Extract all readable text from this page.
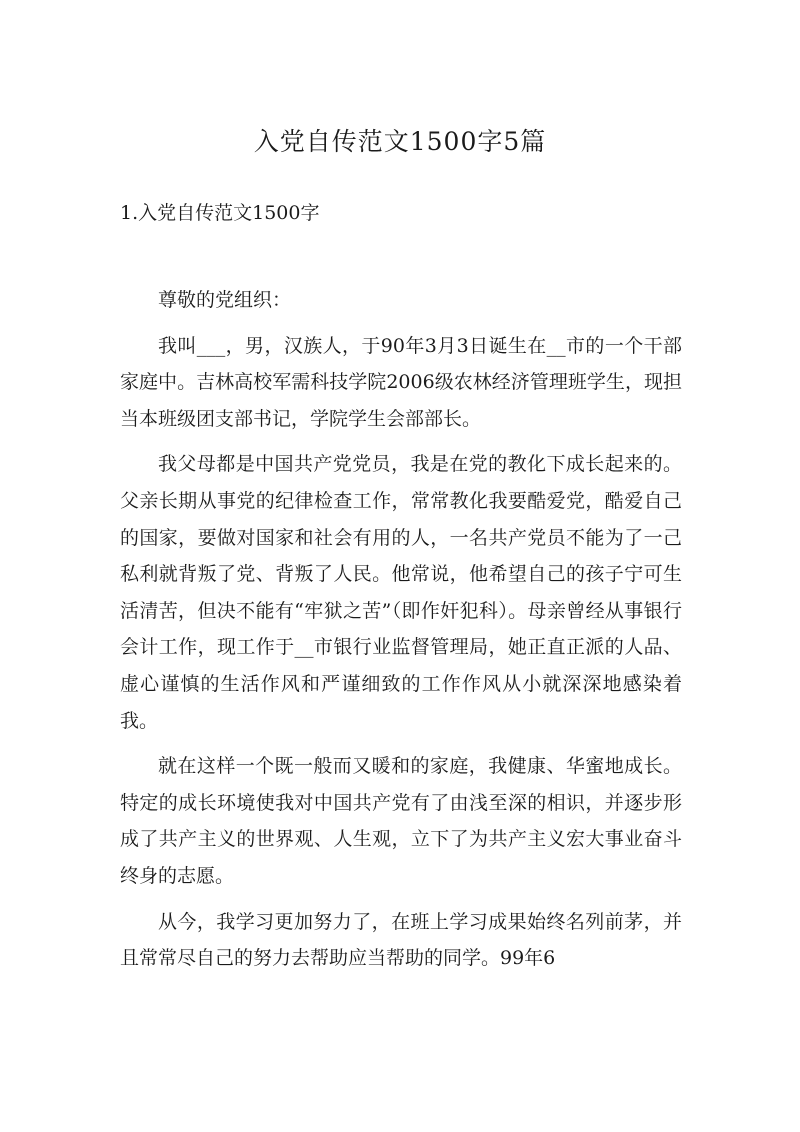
入党自传范文1500字5篇
1.入党自传范文1500字

尊敬的党组织：

我叫___，男，汉族人，于90年3月3日诞生在__市的一个干部家庭中。吉林高校军需科技学院2006级农林经济管理班学生，现担当本班级团支部书记，学院学生会部部长。

我父母都是中国共产党党员，我是在党的教化下成长起来的。父亲长期从事党的纪律检查工作，常常教化我要酷爱党，酷爱自己的国家，要做对国家和社会有用的人，一名共产党员不能为了一己私利就背叛了党、背叛了人民。他常说，他希望自己的孩子宁可生活清苦，但决不能有“牢狱之苦”（即作奸犯科）。母亲曾经从事银行会计工作，现工作于__市银行业监督管理局，她正直正派的人品、虚心谨慎的生活作风和严谨细致的工作作风从小就深深地感染着我。

就在这样一个既一般而又暖和的家庭，我健康、华蜜地成长。特定的成长环境使我对中国共产党有了由浅至深的相识，并逐步形成了共产主义的世界观、人生观，立下了为共产主义宏大事业奋斗终身的志愿。

从今，我学习更加努力了，在班上学习成果始终名列前茅，并且常常尽自己的努力去帮助应当帮助的同学。99年6
